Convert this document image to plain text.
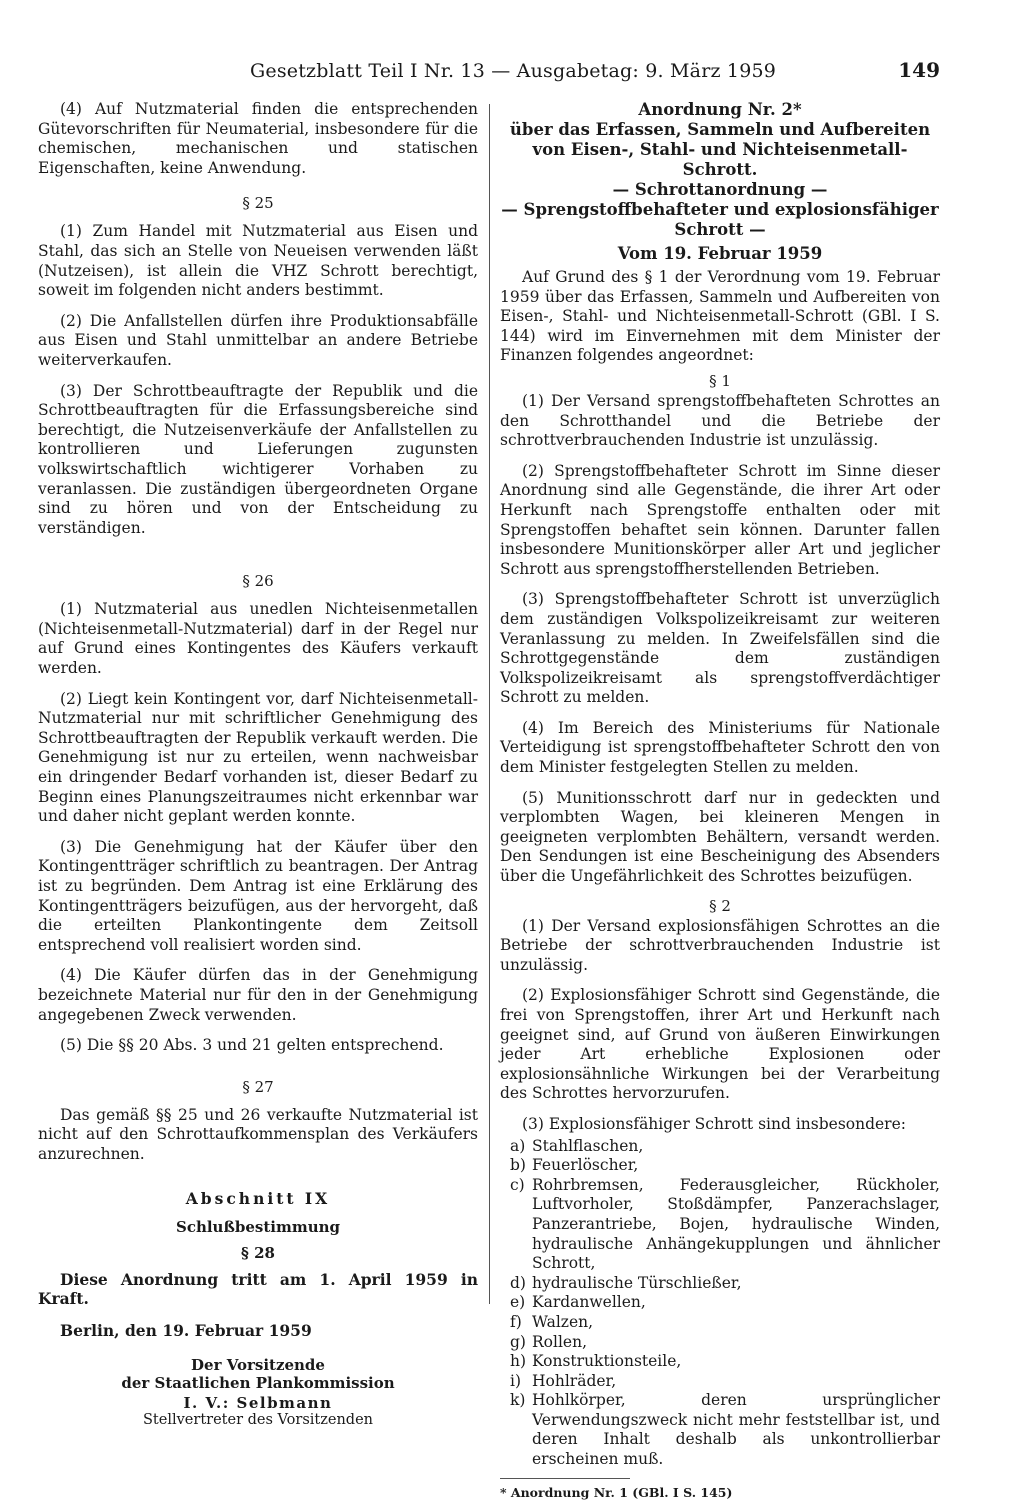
Gesetzblatt Teil I Nr. 13 — Ausgabetag: 9. März 1959	149

(4) Auf Nutzmaterial finden die entsprechenden Gütevorschriften für Neumaterial, insbesondere für die chemischen, mechanischen und statischen Eigenschaften, keine Anwendung.

§ 25

(1) Zum Handel mit Nutzmaterial aus Eisen und Stahl, das sich an Stelle von Neueisen verwenden läßt (Nutzeisen), ist allein die VHZ Schrott berechtigt, soweit im folgenden nicht anders bestimmt.

(2) Die Anfallstellen dürfen ihre Produktionsabfälle aus Eisen und Stahl unmittelbar an andere Betriebe weiterverkaufen.

(3) Der Schrottbeauftragte der Republik und die Schrottbeauftragten für die Erfassungsbereiche sind berechtigt, die Nutzeisenverkäufe der Anfallstellen zu kontrollieren und Lieferungen zugunsten volkswirtschaftlich wichtigerer Vorhaben zu veranlassen. Die zuständigen übergeordneten Organe sind zu hören und von der Entscheidung zu verständigen.

§ 26

(1) Nutzmaterial aus unedlen Nichteisenmetallen (Nichteisenmetall-Nutzmaterial) darf in der Regel nur auf Grund eines Kontingentes des Käufers verkauft werden.

(2) Liegt kein Kontingent vor, darf Nichteisenmetall-Nutzmaterial nur mit schriftlicher Genehmigung des Schrottbeauftragten der Republik verkauft werden. Die Genehmigung ist nur zu erteilen, wenn nachweisbar ein dringender Bedarf vorhanden ist, dieser Bedarf zu Beginn eines Planungszeitraumes nicht erkennbar war und daher nicht geplant werden konnte.

(3) Die Genehmigung hat der Käufer über den Kontingentträger schriftlich zu beantragen. Der Antrag ist zu begründen. Dem Antrag ist eine Erklärung des Kontingentträgers beizufügen, aus der hervorgeht, daß die erteilten Plankontingente dem Zeitsoll entsprechend voll realisiert worden sind.

(4) Die Käufer dürfen das in der Genehmigung bezeichnete Material nur für den in der Genehmigung angegebenen Zweck verwenden.

(5) Die §§ 20 Abs. 3 und 21 gelten entsprechend.

§ 27

Das gemäß §§ 25 und 26 verkaufte Nutzmaterial ist nicht auf den Schrottaufkommensplan des Verkäufers anzurechnen.

Abschnitt IX
Schlußbestimmung
§ 28

Diese Anordnung tritt am 1. April 1959 in Kraft.

Berlin, den 19. Februar 1959

Der Vorsitzende
der Staatlichen Plankommission
I. V.: Selbmann
Stellvertreter des Vorsitzenden
Anordnung Nr. 2*
über das Erfassen, Sammeln und Aufbereiten von Eisen-, Stahl- und Nichteisenmetall-Schrott.
— Schrottanordnung —
— Sprengstoffbehafteter und explosionsfähiger Schrott —
Vom 19. Februar 1959

Auf Grund des § 1 der Verordnung vom 19. Februar 1959 über das Erfassen, Sammeln und Aufbereiten von Eisen-, Stahl- und Nichteisenmetall-Schrott (GBl. I S. 144) wird im Einvernehmen mit dem Minister der Finanzen folgendes angeordnet:

§ 1

(1) Der Versand sprengstoffbehafteten Schrottes an den Schrotthandel und die Betriebe der schrottverbrauchenden Industrie ist unzulässig.

(2) Sprengstoffbehafteter Schrott im Sinne dieser Anordnung sind alle Gegenstände, die ihrer Art oder Herkunft nach Sprengstoffe enthalten oder mit Sprengstoffen behaftet sein können. Darunter fallen insbesondere Munitionskörper aller Art und jeglicher Schrott aus sprengstoffherstellenden Betrieben.

(3) Sprengstoffbehafteter Schrott ist unverzüglich dem zuständigen Volkspolizeikreisamt zur weiteren Veranlassung zu melden. In Zweifelsfällen sind die Schrottgegenstände dem zuständigen Volkspolizeikreisamt als sprengstoffverdächtiger Schrott zu melden.

(4) Im Bereich des Ministeriums für Nationale Verteidigung ist sprengstoffbehafteter Schrott den von dem Minister festgelegten Stellen zu melden.

(5) Munitionsschrott darf nur in gedeckten und verplombten Wagen, bei kleineren Mengen in geeigneten verplombten Behältern, versandt werden. Den Sendungen ist eine Bescheinigung des Absenders über die Ungefährlichkeit des Schrottes beizufügen.

§ 2

(1) Der Versand explosionsfähigen Schrottes an die Betriebe der schrottverbrauchenden Industrie ist unzulässig.

(2) Explosionsfähiger Schrott sind Gegenstände, die frei von Sprengstoffen, ihrer Art und Herkunft nach geeignet sind, auf Grund von äußeren Einwirkungen jeder Art erhebliche Explosionen oder explosionsähnliche Wirkungen bei der Verarbeitung des Schrottes hervorzurufen.

(3) Explosionsfähiger Schrott sind insbesondere:

a) Stahlflaschen,
b) Feuerlöscher,
c) Rohrbremsen, Federausgleicher, Rückholer, Luftvorholer, Stoßdämpfer, Panzerachslager, Panzerantriebe, Bojen, hydraulische Winden, hydraulische Anhängekupplungen und ähnlicher Schrott,
d) hydraulische Türschließer,
e) Kardanwellen,
f) Walzen,
g) Rollen,
h) Konstruktionsteile,
i) Hohlräder,
k) Hohlkörper, deren ursprünglicher Verwendungszweck nicht mehr feststellbar ist, und deren Inhalt deshalb als unkontrollierbar erscheinen muß.
* Anordnung Nr. 1 (GBl. I S. 145)
